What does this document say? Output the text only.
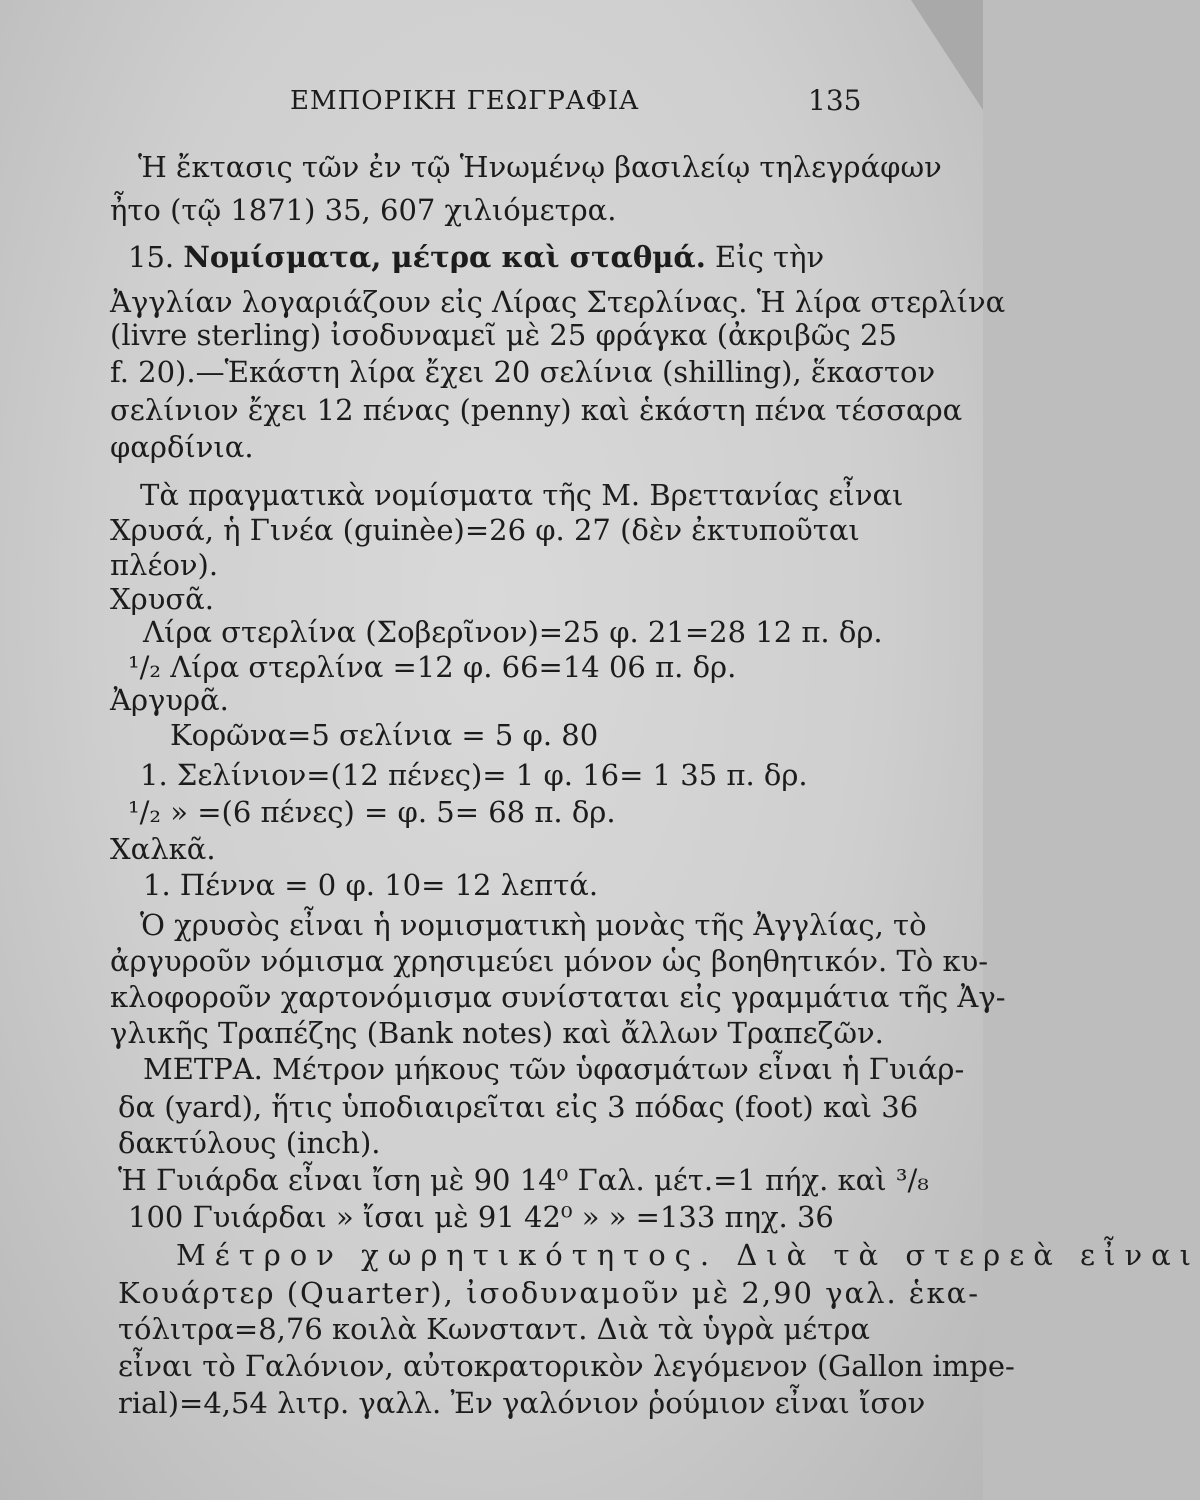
ΕΜΠΟΡΙΚΗ ΓΕΩΓΡΑΦΙΑ	135
Ἡ ἔκτασις τῶν ἐν τῷ Ἡνωμένῳ βασιλείῳ τηλεγράφων
ἦτο (τῷ 1871) 35, 607 χιλιόμετρα.
15. Νομίσματα, μέτρα καὶ σταθμά. Εἰς τὴν
Ἀγγλίαν λογαριάζουν εἰς Λίρας Στερλίνας. Ἡ λίρα στερλίνα
(livre sterling) ἰσοδυναμεῖ μὲ 25 φράγκα (ἀκριβῶς 25
f. 20).—Ἑκάστη λίρα ἔχει 20 σελίνια (shilling), ἕκαστον
σελίνιον ἔχει 12 πένας (penny) καὶ ἑκάστη πένα τέσσαρα
φαρδίνια.
Τὰ πραγματικὰ νομίσματα τῆς Μ. Βρεττανίας εἶναι
Χρυσά, ἡ Γινέα (guinèe)=26 φ. 27 (δὲν ἐκτυποῦται
πλέον).
Χρυσᾶ.
Λίρα στερλίνα (Σοβερῖνον)=25 φ. 21=28 12 π. δρ.
¹/₂ Λίρα στερλίνα =12 φ. 66=14 06 π. δρ.
Ἀργυρᾶ.
Κορῶνα=5 σελίνια = 5 φ. 80
1. Σελίνιον=(12 πένες)= 1 φ. 16= 1 35 π. δρ.
¹/₂ » =(6 πένες) = φ. 5= 68 π. δρ.
Χαλκᾶ.
1. Πέννα = 0 φ. 10= 12 λεπτά.
Ὁ χρυσὸς εἶναι ἡ νομισματικὴ μονὰς τῆς Ἀγγλίας, τὸ
ἀργυροῦν νόμισμα χρησιμεύει μόνον ὡς βοηθητικόν. Τὸ κυ-
κλοφοροῦν χαρτονόμισμα συνίσταται εἰς γραμμάτια τῆς Ἀγ-
γλικῆς Τραπέζης (Bank notes) καὶ ἄλλων Τραπεζῶν.
ΜΕΤΡΑ. Μέτρον μήκους τῶν ὑφασμάτων εἶναι ἡ Γυιάρ-
δα (yard), ἥτις ὑποδιαιρεῖται εἰς 3 πόδας (foot) καὶ 36
δακτύλους (inch).
Ἡ Γυιάρδα εἶναι ἴση μὲ 90 14⁰ Γαλ. μέτ.=1 πήχ. καὶ ³/₈
100 Γυιάρδαι » ἴσαι μὲ 91 42⁰ » » =133 πηχ. 36
Μέτρον χωρητικότητος. Διὰ τὰ στερεὰ εἶναι
Κουάρτερ (Quarter), ἰσοδυναμοῦν μὲ 2,90 γαλ. ἑκα-
τόλιτρα=8,76 κοιλὰ Κωνσταντ. Διὰ τὰ ὑγρὰ μέτρα
εἶναι τὸ Γαλόνιον, αὐτοκρατορικὸν λεγόμενον (Gallon impe-
rial)=4,54 λιτρ. γαλλ. Ἐν γαλόνιον ῥούμιον εἶναι ἴσον
